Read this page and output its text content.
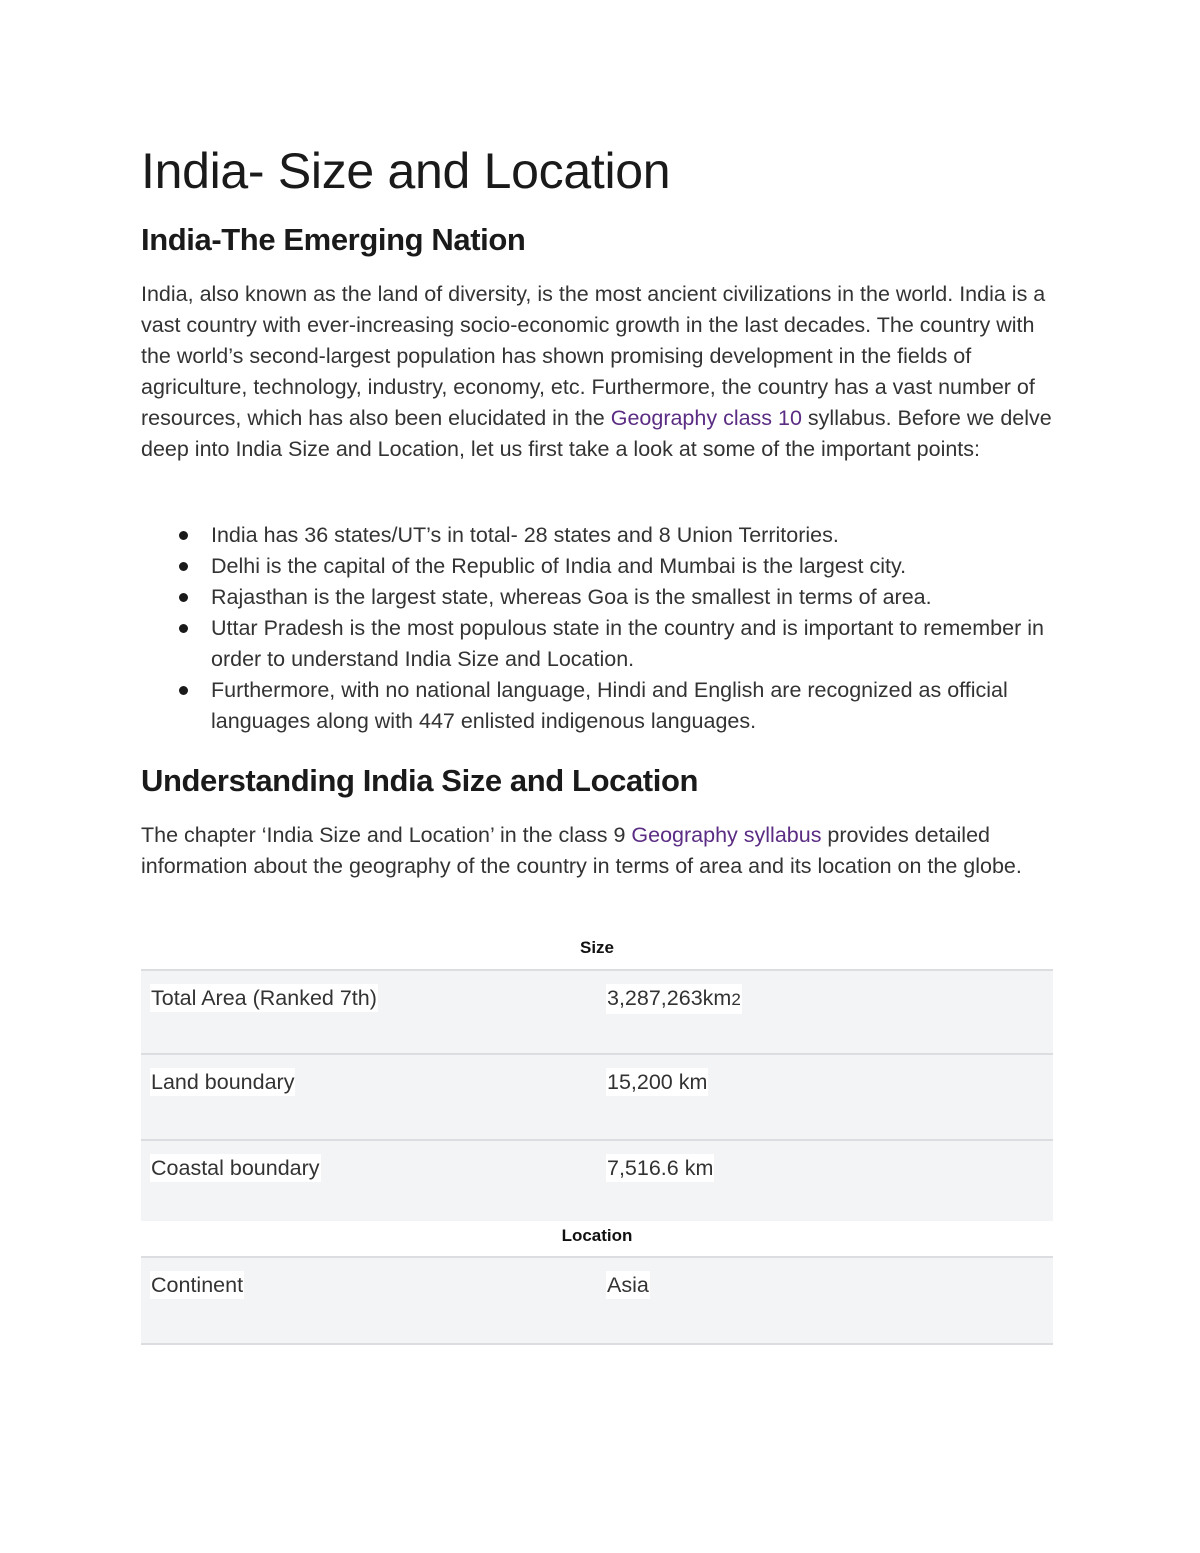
India- Size and Location
India-The Emerging Nation

India, also known as the land of diversity, is the most ancient civilizations in the world. India is a vast country with ever-increasing socio-economic growth in the last decades. The country with the world’s second-largest population has shown promising development in the fields of agriculture, technology, industry, economy, etc. Furthermore, the country has a vast number of resources, which has also been elucidated in the Geography class 10 syllabus. Before we delve deep into India Size and Location, let us first take a look at some of the important points:

India has 36 states/UT’s in total- 28 states and 8 Union Territories.
Delhi is the capital of the Republic of India and Mumbai is the largest city.
Rajasthan is the largest state, whereas Goa is the smallest in terms of area.
Uttar Pradesh is the most populous state in the country and is important to remember in order to understand India Size and Location.
Furthermore, with no national language, Hindi and English are recognized as official languages along with 447 enlisted indigenous languages.
Understanding India Size and Location

The chapter ‘India Size and Location’ in the class 9 Geography syllabus provides detailed information about the geography of the country in terms of area and its location on the globe.

Size
Total Area (Ranked 7th)	3,287,263km2
Land boundary	15,200 km
Coastal boundary	7,516.6 km
Location
Continent	Asia
